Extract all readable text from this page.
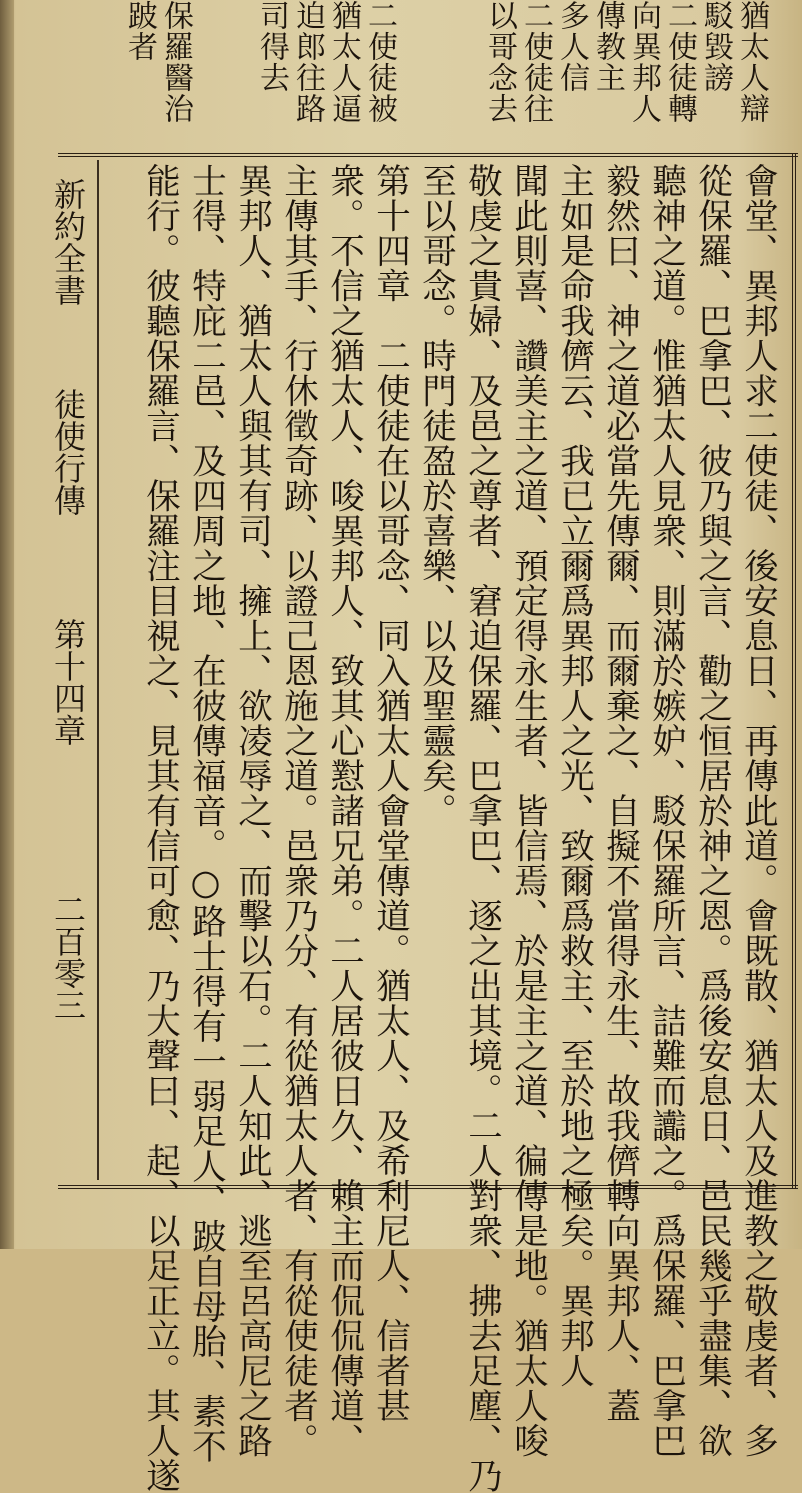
猶太人辯
駁毀謗
二使徒轉
向異邦人
傳教主
多人信
二使徒往
以哥念去
二使徒被
猶太人逼
迫郎往路
司得去
保羅醫治
跛者
會堂、異邦人求二使徒、後安息日、再傳此道。會既散、猶太人及進教之敬虔者、多
從保羅、巴拿巴、彼乃與之言、勸之恒居於神之恩。爲後安息日、邑民幾乎盡集、欲
聽神之道。惟猶太人見衆、則滿於嫉妒、駁保羅所言、詰難而讟之。爲保羅、巴拿巴
毅然曰、神之道必當先傳爾、而爾棄之、自擬不當得永生、故我儕轉向異邦人、蓋
主如是命我儕云、我已立爾爲異邦人之光、致爾爲救主、至於地之極矣。異邦人
聞此則喜、讚美主之道、預定得永生者、皆信焉、於是主之道、徧傳是地。猶太人唆
敬虔之貴婦、及邑之尊者、窘迫保羅、巴拿巴、逐之出其境。二人對衆、拂去足塵、乃
至以哥念。時門徒盈於喜樂、以及聖靈矣。
第十四章　二使徒在以哥念、同入猶太人會堂傳道。猶太人、及希利尼人、信者甚
衆。不信之猶太人、唆異邦人、致其心懟諸兄弟。二人居彼日久、賴主而侃侃傳道、
主傳其手、行休徵奇跡、以證己恩施之道。邑衆乃分、有從猶太人者、有從使徒者。
異邦人、猶太人與其有司、擁上、欲凌辱之、而擊以石。二人知此、逃至呂高尼之路
士得、特庇二邑、及四周之地、在彼傳福音。○路士得有一弱足人、跛自母胎、素不
能行。彼聽保羅言、保羅注目視之、見其有信可愈、乃大聲曰、起、以足正立。其人遂
新約全書
徒使行傳
第十四章
二百零三
